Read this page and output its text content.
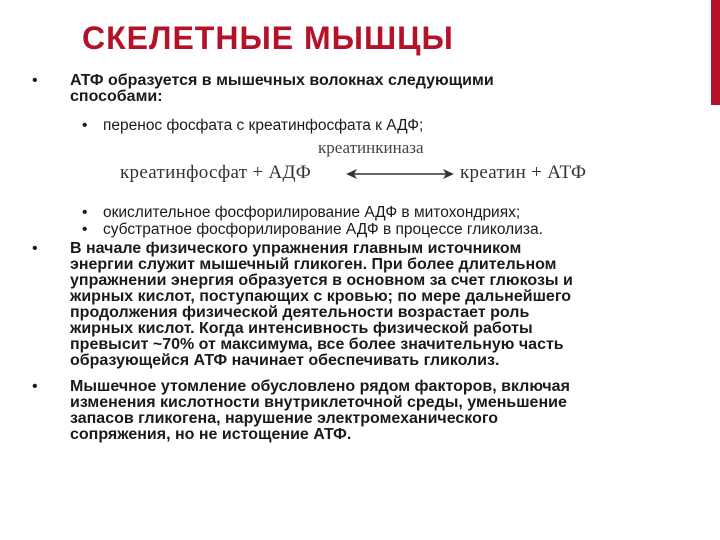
СКЕЛЕТНЫЕ МЫШЦЫ
• АТФ образуется в мышечных волокнах следующими
способами:
• перенос фосфата с креатинфосфата к АДФ;
креатинкиназа
креатинфосфат + АДФ	креатин + АТФ
• окислительное фосфорилирование АДФ в митохондриях;
• субстратное фосфорилирование АДФ в процессе гликолиза.
• В начале физического упражнения главным источником
энергии служит мышечный гликоген. При более длительном
упражнении энергия образуется в основном за счет глюкозы и
жирных кислот, поступающих с кровью; по мере дальнейшего
продолжения физической деятельности возрастает роль
жирных кислот. Когда интенсивность физической работы
превысит ~70% от максимума, все более значительную часть
образующейся АТФ начинает обеспечивать гликолиз.
• Мышечное утомление обусловлено рядом факторов, включая
изменения кислотности внутриклеточной среды, уменьшение
запасов гликогена, нарушение электромеханического
сопряжения, но не истощение АТФ.
